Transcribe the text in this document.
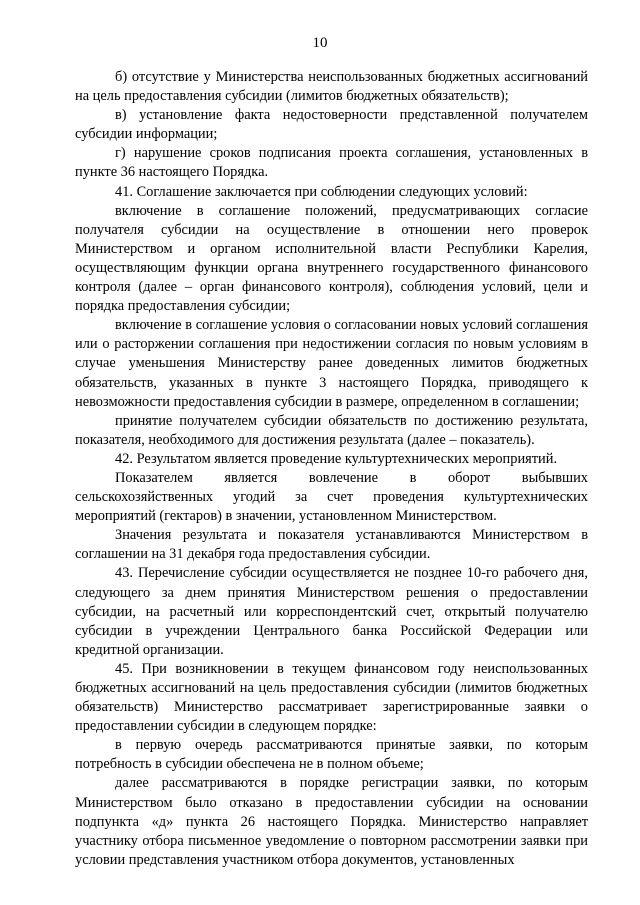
10

б) отсутствие у Министерства неиспользованных бюджетных ассигнований на цель предоставления субсидии (лимитов бюджетных обязательств);

в) установление факта недостоверности представленной получателем субсидии информации;

г) нарушение сроков подписания проекта соглашения, установленных в пункте 36 настоящего Порядка.

41. Соглашение заключается при соблюдении следующих условий:

включение в соглашение положений, предусматривающих согласие получателя субсидии на осуществление в отношении него проверок Министерством и органом исполнительной власти Республики Карелия, осуществляющим функции органа внутреннего государственного финансового контроля (далее – орган финансового контроля), соблюдения условий, цели и порядка предоставления субсидии;

включение в соглашение условия о согласовании новых условий соглашения или о расторжении соглашения при недостижении согласия по новым условиям в случае уменьшения Министерству ранее доведенных лимитов бюджетных обязательств, указанных в пункте 3 настоящего Порядка, приводящего к невозможности предоставления субсидии в размере, определенном в соглашении;

принятие получателем субсидии обязательств по достижению результата, показателя, необходимого для достижения результата (далее – показатель).

42. Результатом является проведение культуртехнических мероприятий.

Показателем является вовлечение в оборот выбывших сельскохозяйственных угодий за счет проведения культуртехнических мероприятий (гектаров) в значении, установленном Министерством.

Значения результата и показателя устанавливаются Министерством в соглашении на 31 декабря года предоставления субсидии.

43. Перечисление субсидии осуществляется не позднее 10-го рабочего дня, следующего за днем принятия Министерством решения о предоставлении субсидии, на расчетный или корреспондентский счет, открытый получателю субсидии в учреждении Центрального банка Российской Федерации или кредитной организации.

45. При возникновении в текущем финансовом году неиспользованных бюджетных ассигнований на цель предоставления субсидии (лимитов бюджетных обязательств) Министерство рассматривает зарегистрированные заявки о предоставлении субсидии в следующем порядке:

в первую очередь рассматриваются принятые заявки, по которым потребность в субсидии обеспечена не в полном объеме;

далее рассматриваются в порядке регистрации заявки, по которым Министерством было отказано в предоставлении субсидии на основании подпункта «д» пункта 26 настоящего Порядка. Министерство направляет участнику отбора письменное уведомление о повторном рассмотрении заявки при условии представления участником отбора документов, установленных
